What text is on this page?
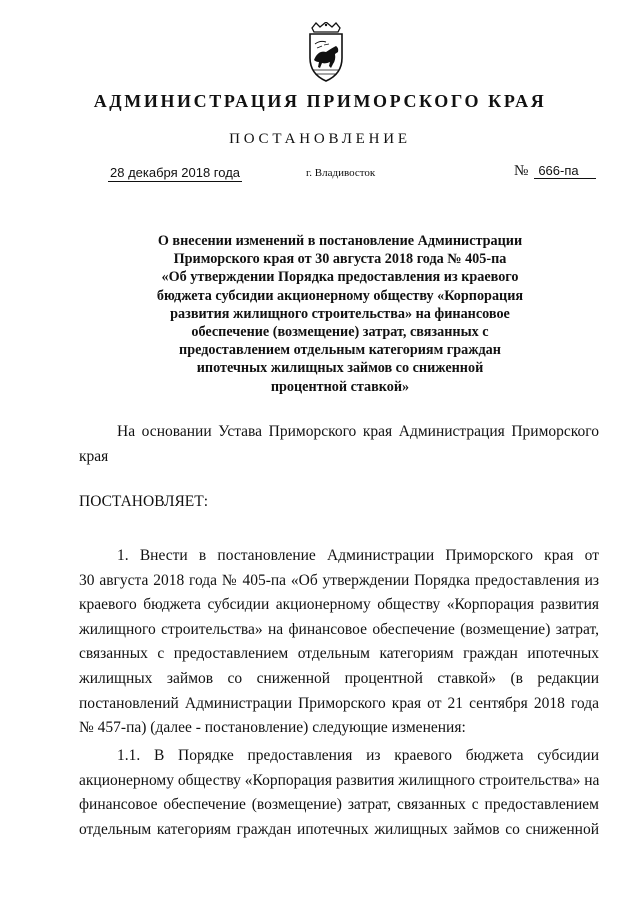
АДМИНИСТРАЦИЯ ПРИМОРСКОГО КРАЯ
ПОСТАНОВЛЕНИЕ
28 декабря 2018 года	г. Владивосток	№ 666-па
О внесении изменений в постановление Администрации
Приморского края от 30 августа 2018 года № 405-па
«Об утверждении Порядка предоставления из краевого
бюджета субсидии акционерному обществу «Корпорация
развития жилищного строительства» на финансовое
обеспечение (возмещение) затрат, связанных с
предоставлением отдельным категориям граждан
ипотечных жилищных займов со сниженной
процентной ставкой»
На основании Устава Приморского края Администрация Приморского
края
ПОСТАНОВЛЯЕТ:
1. Внести в постановление Администрации Приморского края от
30 августа 2018 года № 405-па «Об утверждении Порядка предоставления из
краевого бюджета субсидии акционерному обществу «Корпорация развития
жилищного строительства» на финансовое обеспечение (возмещение) затрат,
связанных с предоставлением отдельным категориям граждан ипотечных
жилищных займов со сниженной процентной ставкой» (в редакции
постановлений Администрации Приморского края от 21 сентября 2018 года
№ 457-па) (далее - постановление) следующие изменения:
1.1. В Порядке предоставления из краевого бюджета субсидии
акционерному обществу «Корпорация развития жилищного строительства» на
финансовое обеспечение (возмещение) затрат, связанных с предоставлением
отдельным категориям граждан ипотечных жилищных займов со сниженной
